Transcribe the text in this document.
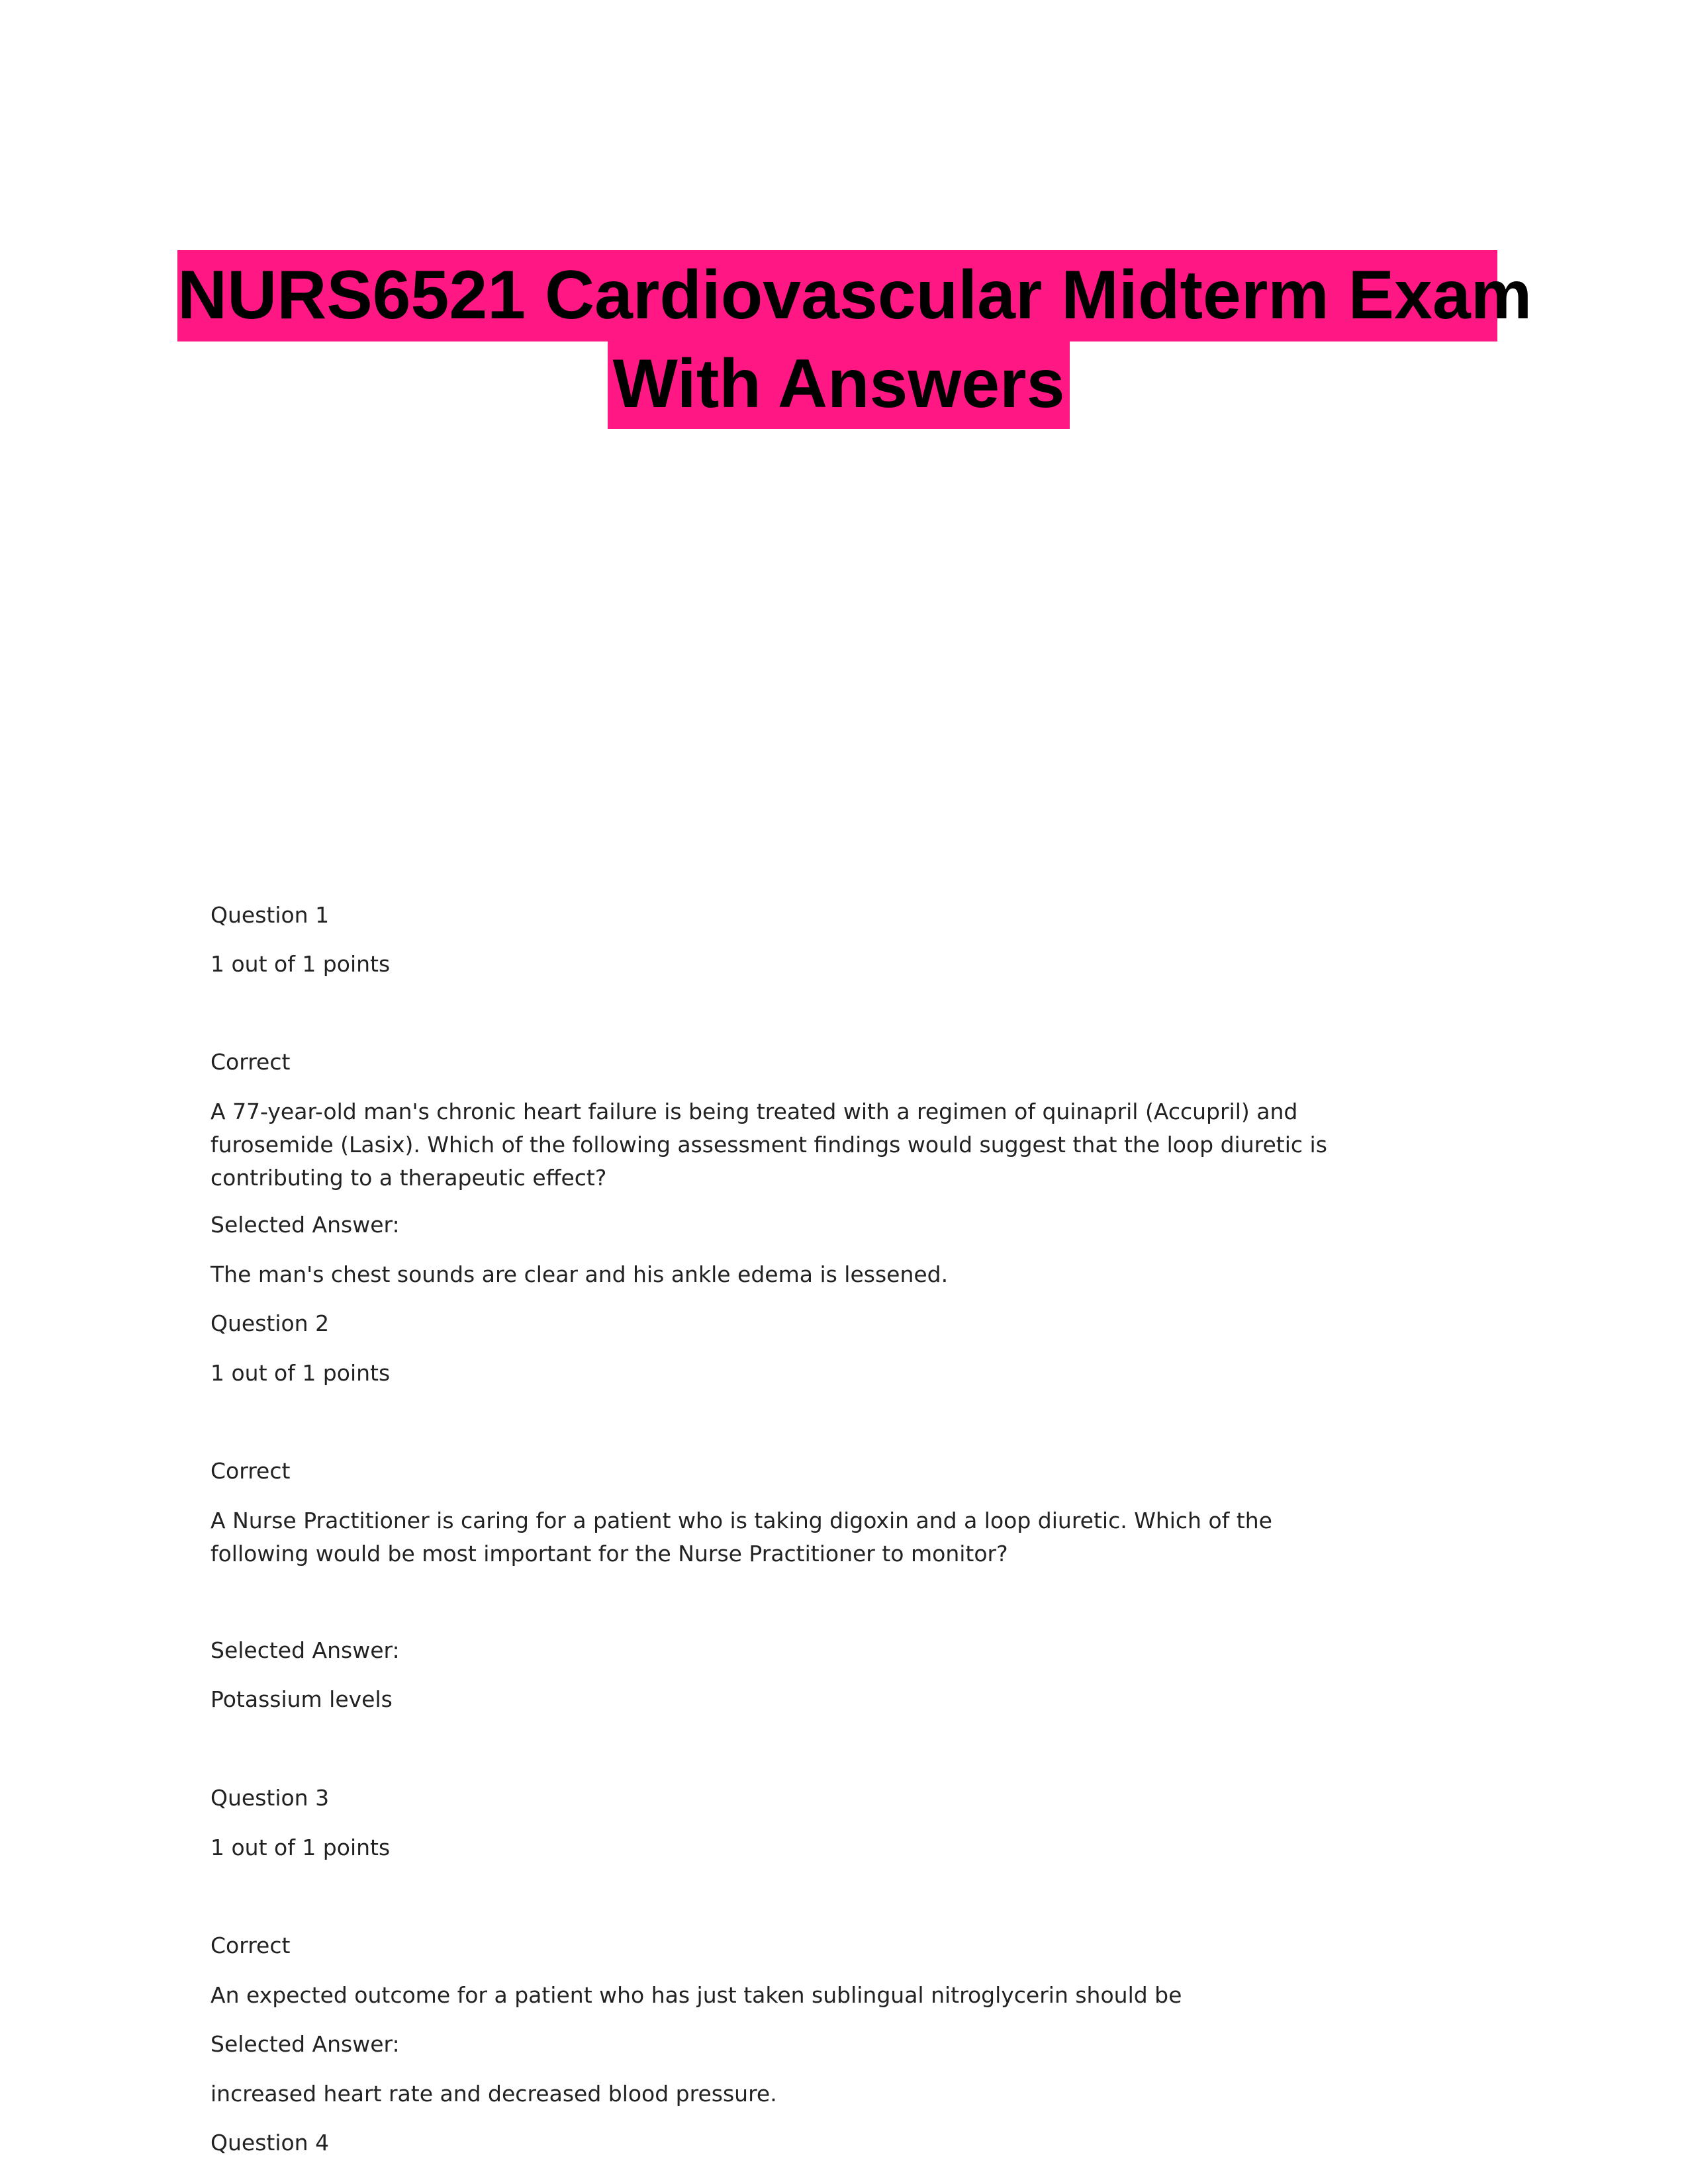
NURS6521 Cardiovascular Midterm Exam
With Answers
Question 1
1 out of 1 points
Correct
A 77-year-old man's chronic heart failure is being treated with a regimen of quinapril (Accupril) and
furosemide (Lasix). Which of the following assessment findings would suggest that the loop diuretic is
contributing to a therapeutic effect?
Selected Answer:
The man's chest sounds are clear and his ankle edema is lessened.
Question 2
1 out of 1 points
Correct
A Nurse Practitioner is caring for a patient who is taking digoxin and a loop diuretic. Which of the
following would be most important for the Nurse Practitioner to monitor?
Selected Answer:
Potassium levels
Question 3
1 out of 1 points
Correct
An expected outcome for a patient who has just taken sublingual nitroglycerin should be
Selected Answer:
increased heart rate and decreased blood pressure.
Question 4
